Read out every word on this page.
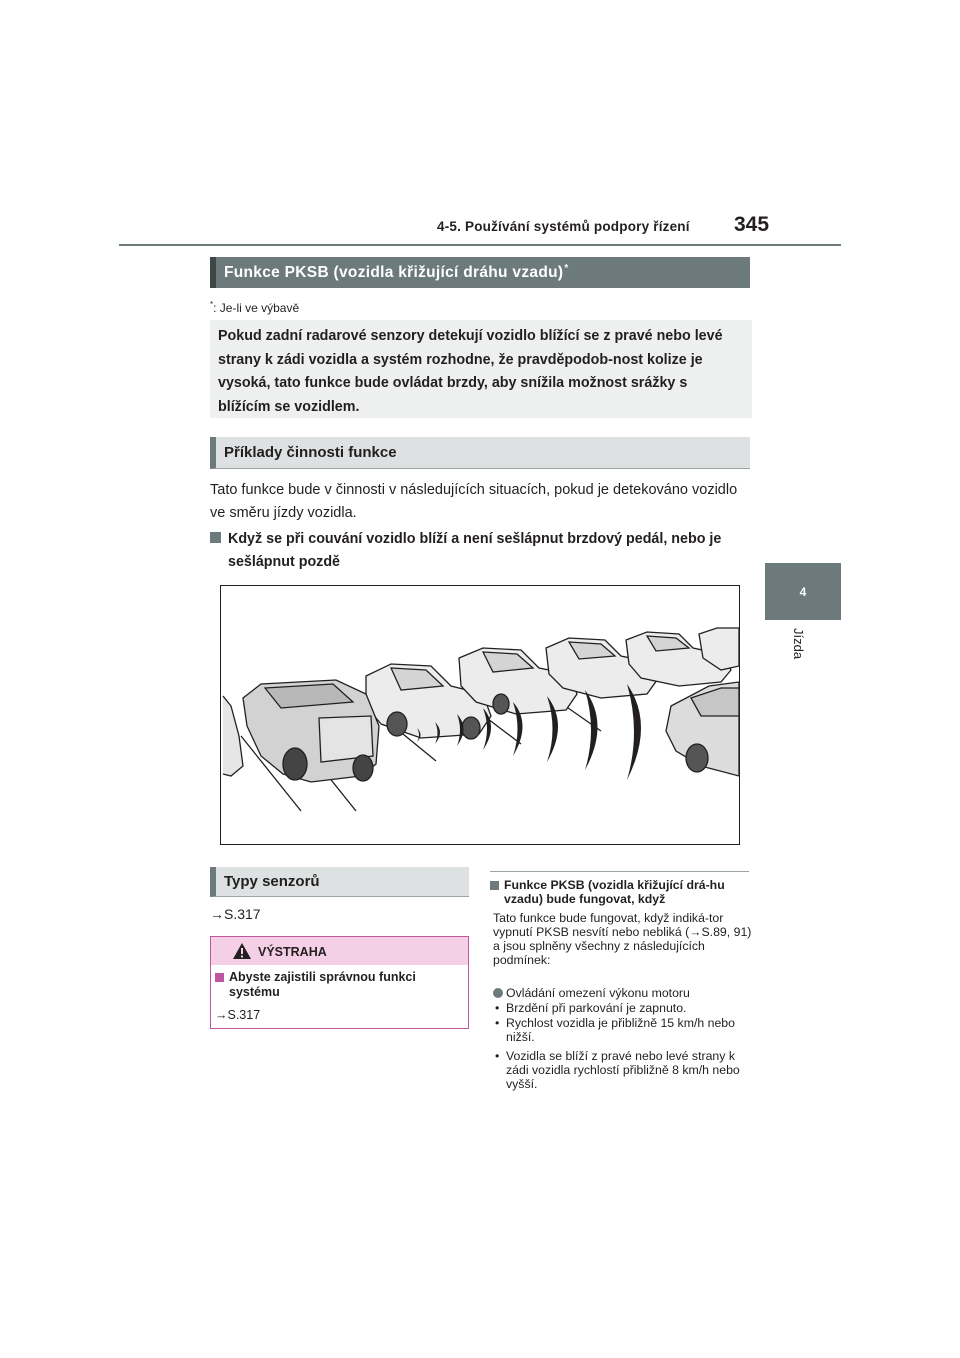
4-5. Používání systémů podpory řízení 345
4
Jízda
Funkce PKSB (vozidla křižující dráhu vzadu)*
*: Je-li ve výbavě
Pokud zadní radarové senzory detekují vozidlo blížící se z pravé nebo levé strany k zádi vozidla a systém rozhodne, že pravděpodob-nost kolize je vysoká, tato funkce bude ovládat brzdy, aby snížila možnost srážky s blížícím se vozidlem.
Příklady činnosti funkce
Tato funkce bude v činnosti v následujících situacích, pokud je detekováno vozidlo ve směru jízdy vozidla.
Když se při couvání vozidlo blíží a není sešlápnut brzdový pedál, nebo je sešlápnut pozdě
Typy senzorů
→S.317
VÝSTRAHA
Abyste zajistili správnou funkci systému
→S.317
Funkce PKSB (vozidla křižující drá-hu vzadu) bude fungovat, když
Tato funkce bude fungovat, když indiká-tor vypnutí PKSB nesvítí nebo nebliká (→S.89, 91) a jsou splněny všechny z následujících podmínek:
Ovládání omezení výkonu motoru
• Brzdění při parkování je zapnuto.
• Rychlost vozidla je přibližně 15 km/h nebo nižší.
• Vozidla se blíží z pravé nebo levé strany k zádi vozidla rychlostí přibližně 8 km/h nebo vyšší.
